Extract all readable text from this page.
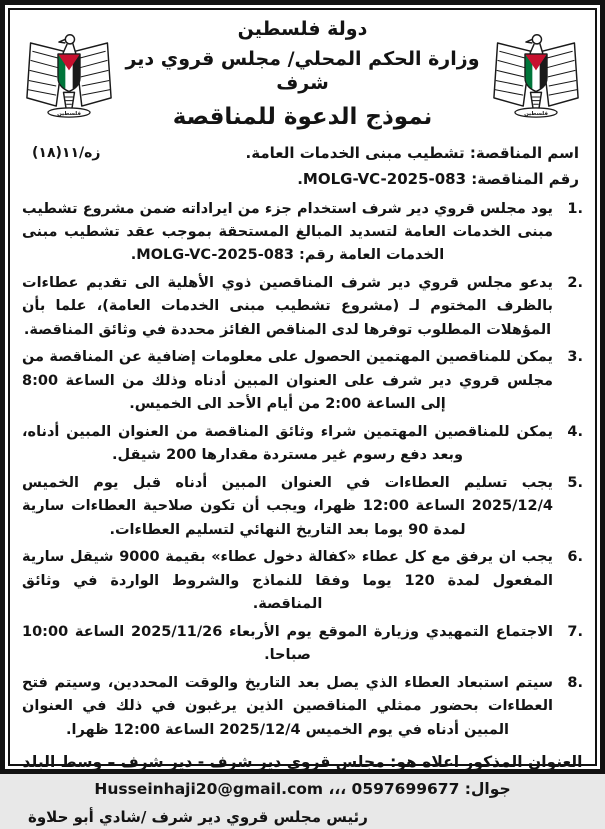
فلسطين
دولة فلسطين
وزارة الحكم المحلي/ مجلس قروي دير شرف
نموذج الدعوة للمناقصة
فلسطين
اسم المناقصة: تشطيب مبنى الخدمات العامة.
رقم المناقصة: ⁦MOLG-VC-2025-083⁩.
زه/١١(١٨)
1.
يود مجلس قروي دير شرف استخدام جزء من ايراداته ضمن مشروع تشطيب مبنى الخدمات العامة لتسديد المبالغ المستحقة بموجب عقد تشطيب مبنى الخدمات العامة رقم: MOLG-VC-2025-083.
2.
يدعو مجلس قروي دير شرف المناقصين ذوي الأهلية الى تقديم عطاءات بالظرف المختوم لـ (مشروع تشطيب مبنى الخدمات العامة)، علما بأن المؤهلات المطلوب توفرها لدى المناقص الفائز محددة في وثائق المناقصة.
3.
يمكن للمناقصين المهتمين الحصول على معلومات إضافية عن المناقصة من مجلس قروي دير شرف على العنوان المبين أدناه وذلك من الساعة 8:00 إلى الساعة 2:00 من أيام الأحد الى الخميس.
4.
يمكن للمناقصين المهتمين شراء وثائق المناقصة من العنوان المبين أدناه، وبعد دفع رسوم غير مستردة مقدارها 200 شيقل.
5.
يجب تسليم العطاءات في العنوان المبين أدناه قبل يوم الخميس 2025/12/4 الساعة 12:00 ظهرا، ويجب أن تكون صلاحية العطاءات سارية لمدة 90 يوما بعد التاريخ النهائي لتسليم العطاءات.
6.
يجب ان يرفق مع كل عطاء «كفالة دخول عطاء» بقيمة 9000 شيقل سارية المفعول لمدة 120 يوما وفقا للنماذج والشروط الواردة في وثائق المناقصة.
7.
الاجتماع التمهيدي وزيارة الموقع يوم الأربعاء 2025/11/26 الساعة 10:00 صباحا.
8.
سيتم استبعاد العطاء الذي يصل بعد التاريخ والوقت المحددين، وسيتم فتح العطاءات بحضور ممثلي المناقصين الذين يرغبون في ذلك في العنوان المبين أدناه في يوم الخميس 2025/12/4 الساعة 12:00 ظهرا.
العنوان المذكور اعلاه هو: مجلس قروي دير شرف - دير شرف – وسط البلد
جوال: 0597699677 ،،، Husseinhaji20@gmail.com
رئيس مجلس قروي دير شرف /شادي أبو حلاوة
